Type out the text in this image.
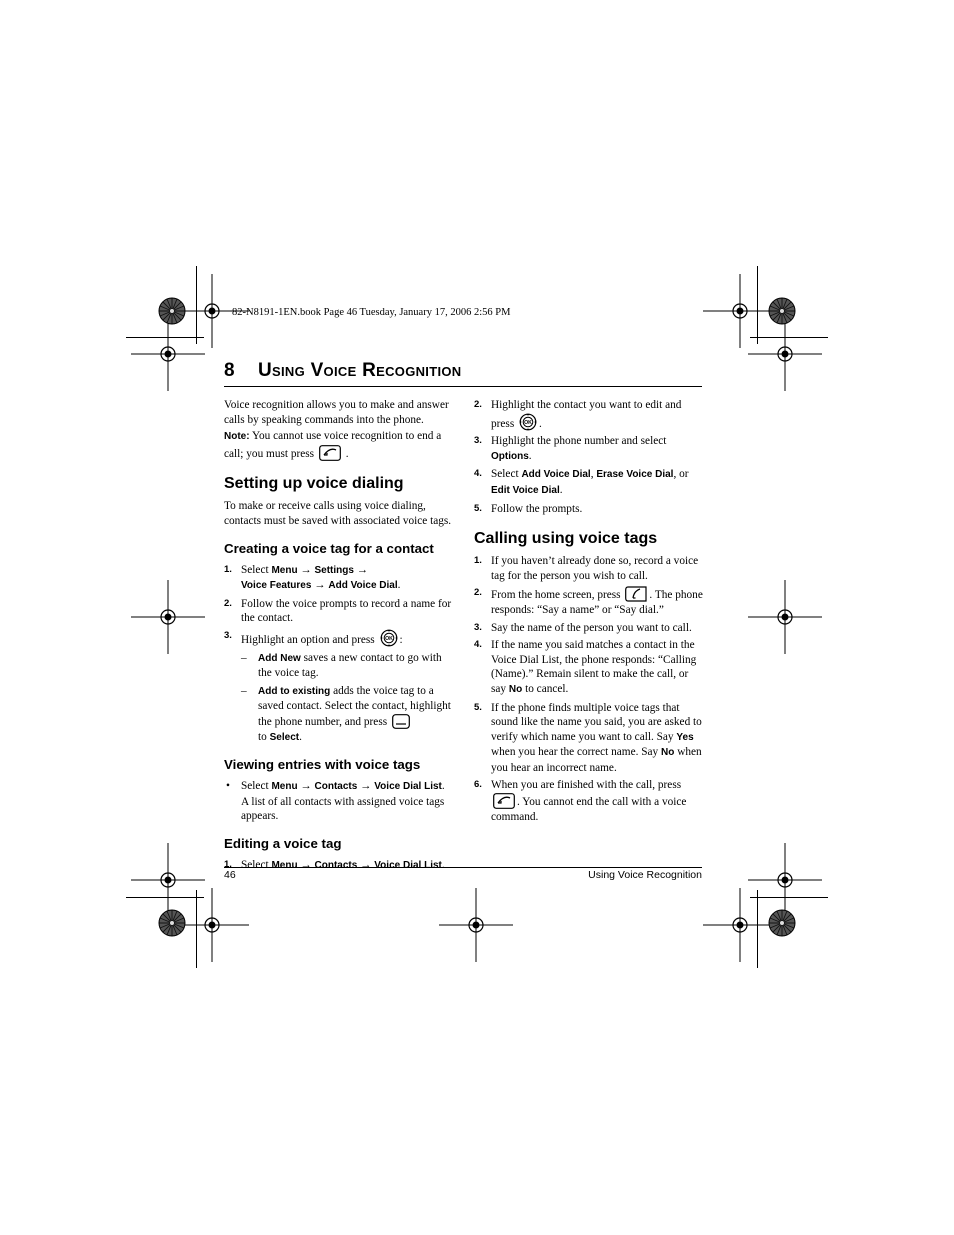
82-N8191-1EN.book Page 46 Tuesday, January 17, 2006 2:56 PM
8 Using Voice Recognition

Voice recognition allows you to make and answer calls by speaking commands into the phone.

Note: You cannot use voice recognition to end a call; you must press	.

Setting up voice dialing

To make or receive calls using voice dialing, contacts must be saved with associated voice tags.

Creating a voice tag for a contact
1. Select Menu → Settings →
Voice Features → Add Voice Dial.
2. Follow the voice prompts to record a name for the contact.
3. Highlight an option and press OK :
– Add New saves a new contact to go with the voice tag.
– Add to existing adds the voice tag to a saved contact. Select the contact, highlight the phone number, and press
to Select.
Viewing entries with voice tags
• Select Menu → Contacts → Voice Dial List. A list of all contacts with assigned voice tags appears.
Editing a voice tag
1. Select Menu → Contacts → Voice Dial List.
2. Highlight the contact you want to edit and press OK .
3. Highlight the phone number and select Options.
4. Select Add Voice Dial, Erase Voice Dial, or
Edit Voice Dial.
5. Follow the prompts.
Calling using voice tags
1. If you haven’t already done so, record a voice tag for the person you wish to call.
2. From the home screen, press	. The phone responds: “Say a name” or “Say dial.”
3. Say the name of the person you want to call.
4. If the name you said matches a contact in the Voice Dial List, the phone responds: “Calling (Name).” Remain silent to make the call, or say No to cancel.
5. If the phone finds multiple voice tags that sound like the name you said, you are asked to verify which name you want to call. Say Yes when you hear the correct name. Say No when you hear an incorrect name.
6. When you are finished with the call, press
. You cannot end the call with a voice command.
46	Using Voice Recognition
